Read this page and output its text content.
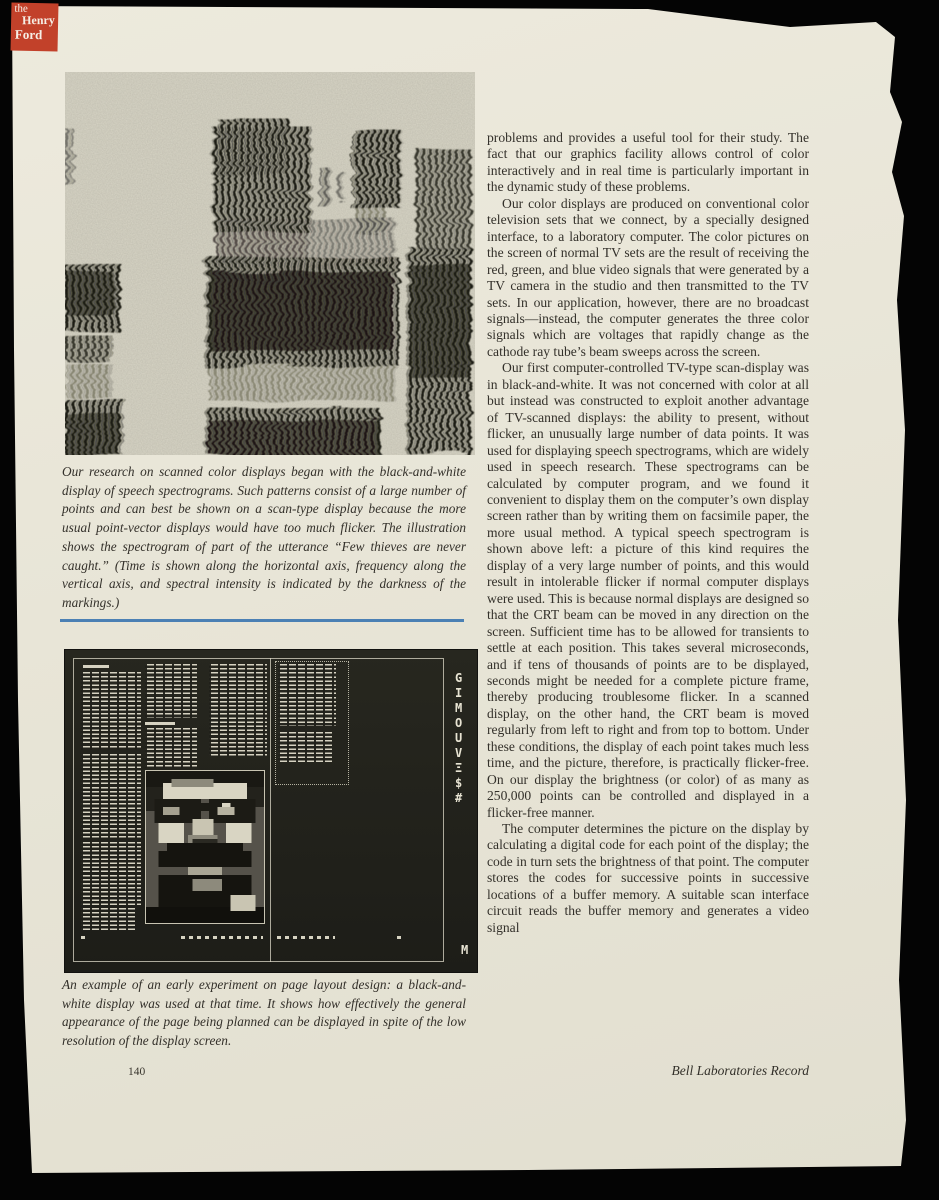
the
Henry
Ford
Our research on scanned color displays began with the black-and-white display of speech spectrograms. Such patterns consist of a large number of points and can best be shown on a scan-type display because the more usual point-vector displays would have too much flicker. The illustration shows the spectrogram of part of the utterance “Few thieves are never caught.” (Time is shown along the horizontal axis, frequency along the vertical axis, and spectral intensity is indicated by the darkness of the markings.)
G
I
M
O
U
V
Ξ
$
#
M
An example of an early experiment on page layout design: a black-and-white display was used at that time. It shows how effectively the general appearance of the page being planned can be displayed in spite of the low resolution of the display screen.

problems and provides a useful tool for their study. The fact that our graphics facility allows control of color interactively and in real time is particularly important in the dynamic study of these problems.

Our color displays are produced on conventional color television sets that we connect, by a specially designed interface, to a laboratory computer. The color pictures on the screen of normal TV sets are the result of receiving the red, green, and blue video signals that were generated by a TV camera in the studio and then transmitted to the TV sets. In our application, however, there are no broadcast signals—instead, the computer generates the three color signals which are voltages that rapidly change as the cathode ray tube’s beam sweeps across the screen.

Our first computer-controlled TV-type scan-display was in black-and-white. It was not concerned with color at all but instead was constructed to exploit another advantage of TV-scanned displays: the ability to present, without flicker, an unusually large number of data points. It was used for displaying speech spectrograms, which are widely used in speech research. These spectrograms can be calculated by computer program, and we found it convenient to display them on the computer’s own display screen rather than by writing them on facsimile paper, the more usual method. A typical speech spectrogram is shown above left: a picture of this kind requires the display of a very large number of points, and this would result in intolerable flicker if normal computer displays were used. This is because normal displays are designed so that the CRT beam can be moved in any direction on the screen. Sufficient time has to be allowed for transients to settle at each position. This takes several microseconds, and if tens of thousands of points are to be displayed, seconds might be needed for a complete picture frame, thereby producing troublesome flicker. In a scanned display, on the other hand, the CRT beam is moved regularly from left to right and from top to bottom. Under these conditions, the display of each point takes much less time, and the picture, therefore, is practically flicker-free. On our display the brightness (or color) of as many as 250,000 points can be controlled and displayed in a flicker-free manner.

The computer determines the picture on the display by calculating a digital code for each point of the display; the code in turn sets the brightness of that point. The computer stores the codes for successive points in successive locations of a buffer memory. A suitable scan interface circuit reads the buffer memory and generates a video signal

140	Bell Laboratories Record
